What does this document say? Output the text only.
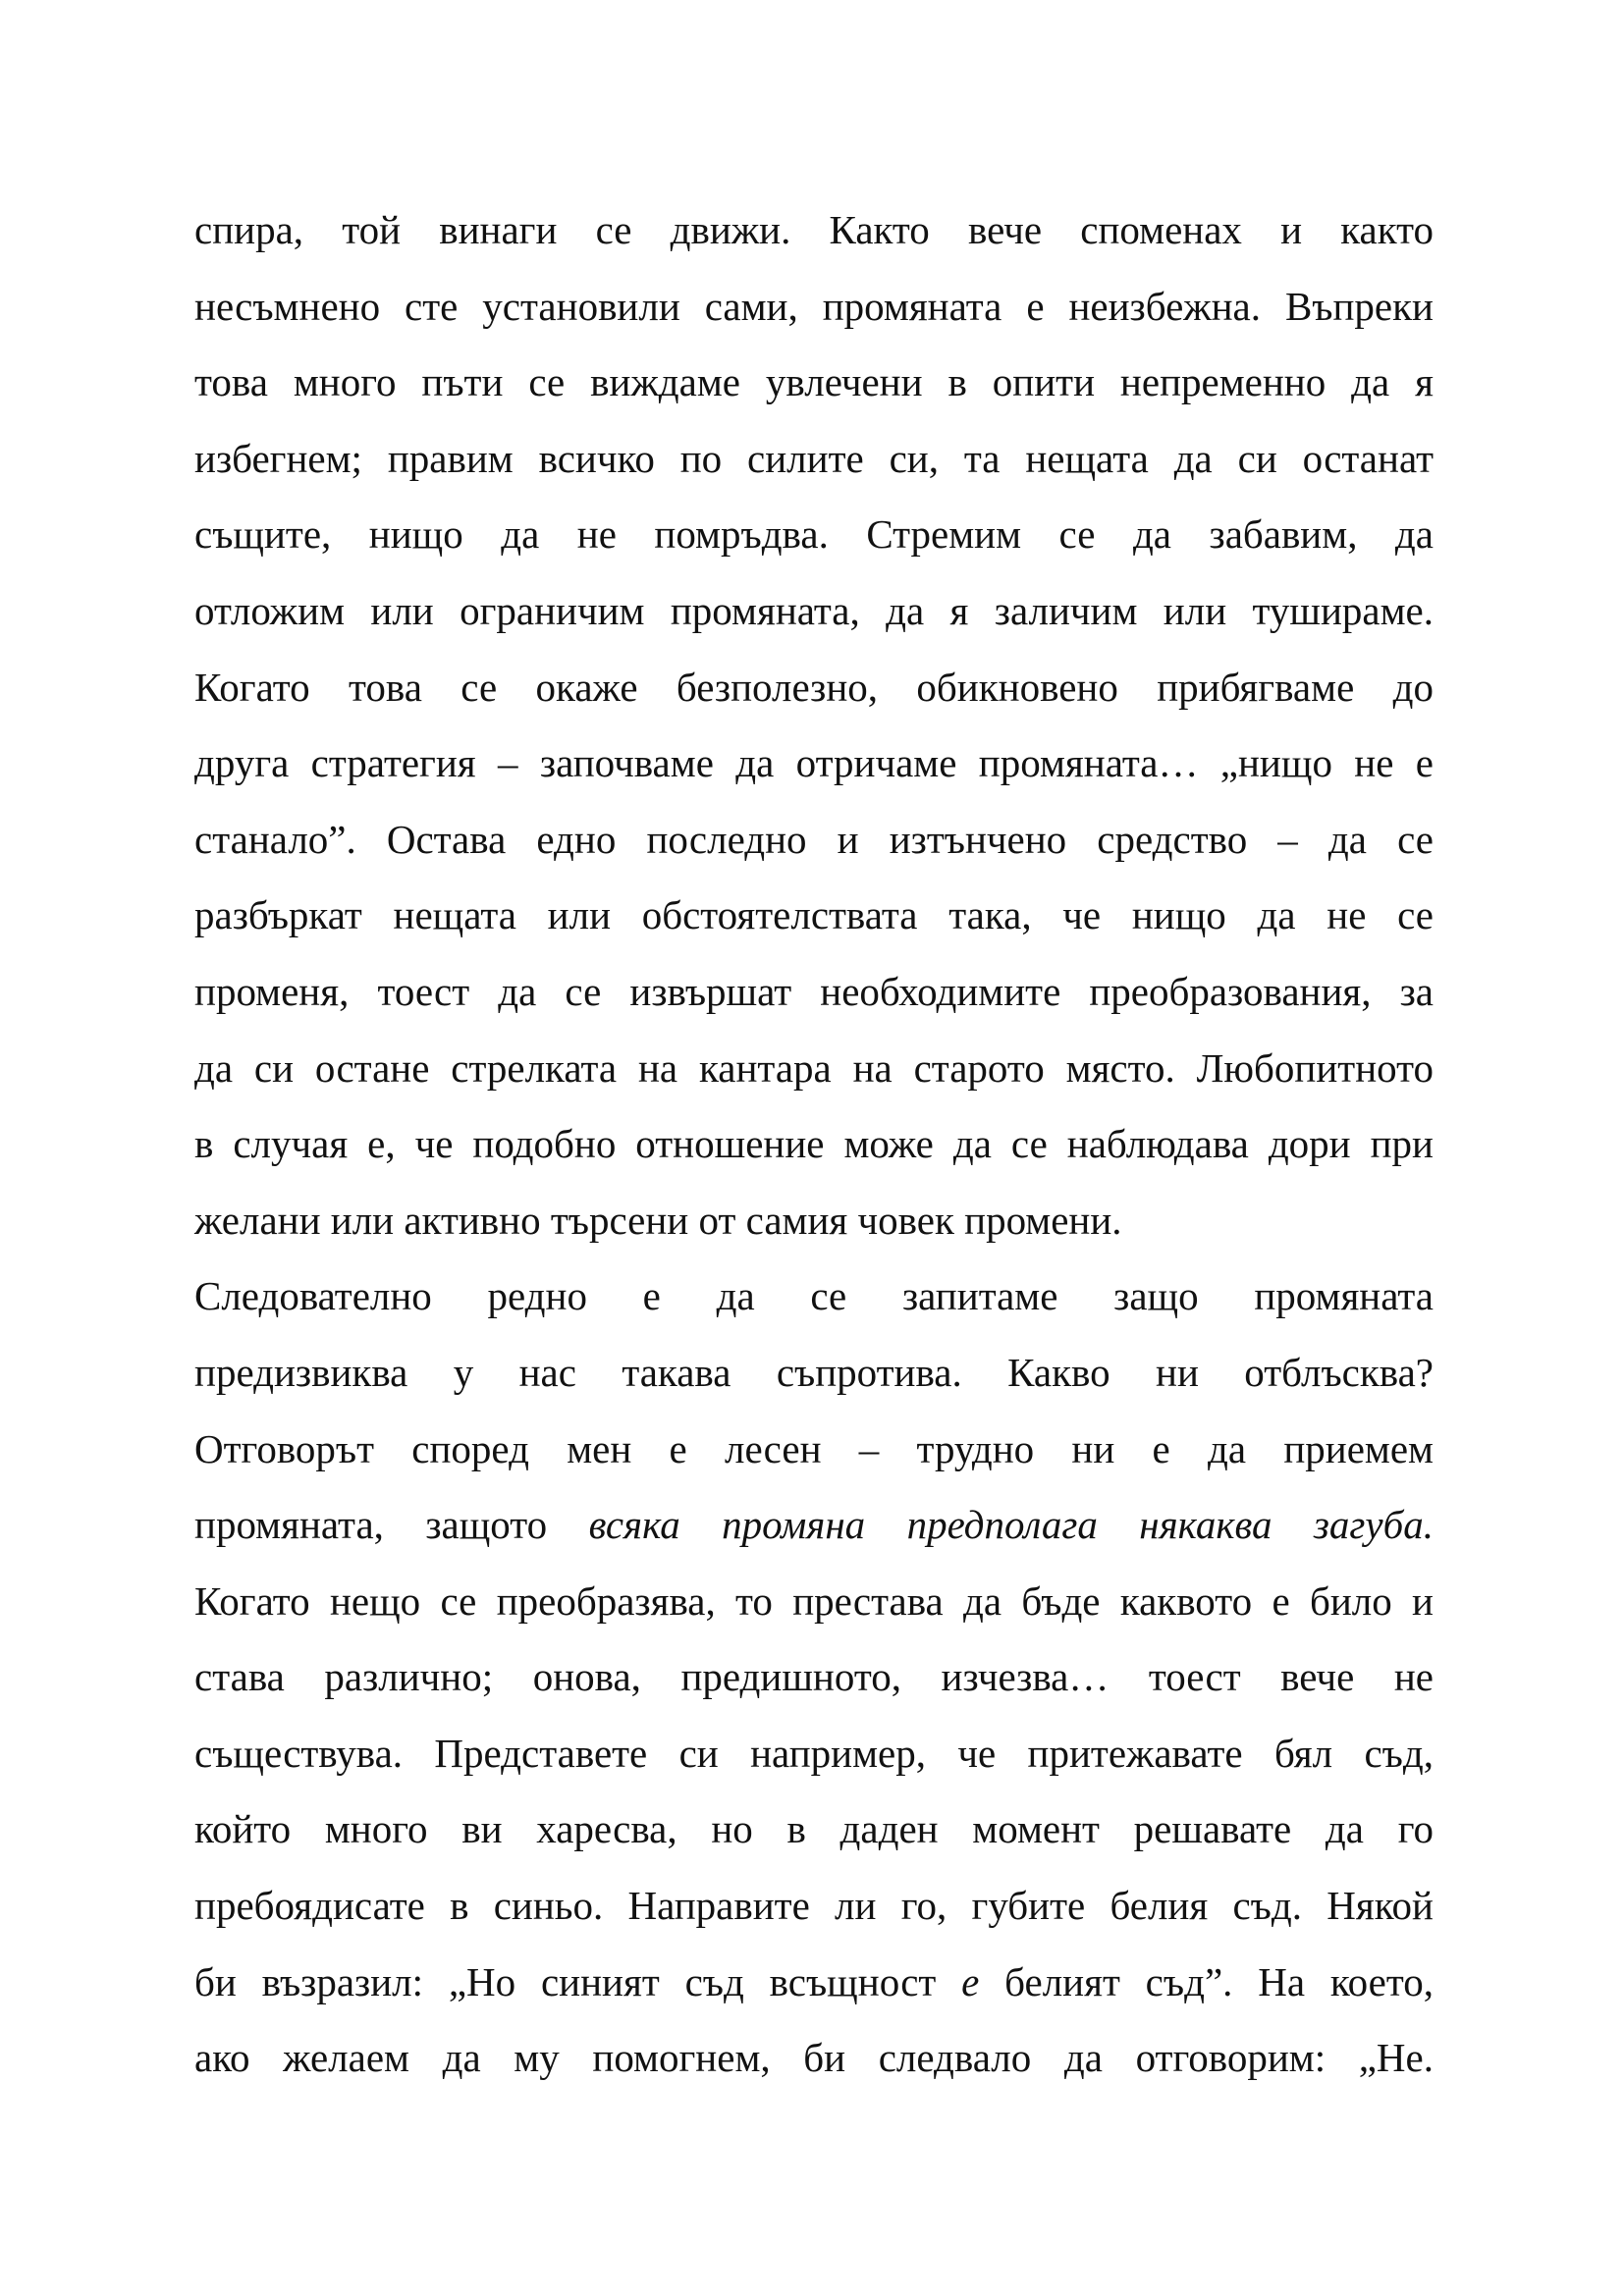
спира, той винаги се движи. Както вече споменах и както
несъмнено сте установили сами, промяната е неизбежна. Въпреки
това много пъти се виждаме увлечени в опити непременно да я
избегнем; правим всичко по силите си, та нещата да си останат
същите, нищо да не помръдва. Стремим се да забавим, да
отложим или ограничим промяната, да я заличим или тушираме.
Когато това се окаже безполезно, обикновено прибягваме до
друга стратегия – започваме да отричаме промяната… „нищо не е
станало”. Остава едно последно и изтънчено средство – да се
разбъркат нещата или обстоятелствата така, че нищо да не се
променя, тоест да се извършат необходимите преобразования, за
да си остане стрелката на кантара на старото място. Любопитното
в случая е, че подобно отношение може да се наблюдава дори при
желани или активно търсени от самия човек промени.
Следователно редно е да се запитаме защо промяната
предизвиква у нас такава съпротива. Какво ни отблъсква?
Отговорът според мен е лесен – трудно ни е да приемем
промяната, защото всяка промяна предполага някаква загуба.
Когато нещо се преобразява, то престава да бъде каквото е било и
става различно; онова, предишното, изчезва… тоест вече не
съществува. Представете си например, че притежавате бял съд,
който много ви харесва, но в даден момент решавате да го
пребоядисате в синьо. Направите ли го, губите белия съд. Някой
би възразил: „Но синият съд всъщност е белият съд”. На което,
ако желаем да му помогнем, би следвало да отговорим: „Не.
